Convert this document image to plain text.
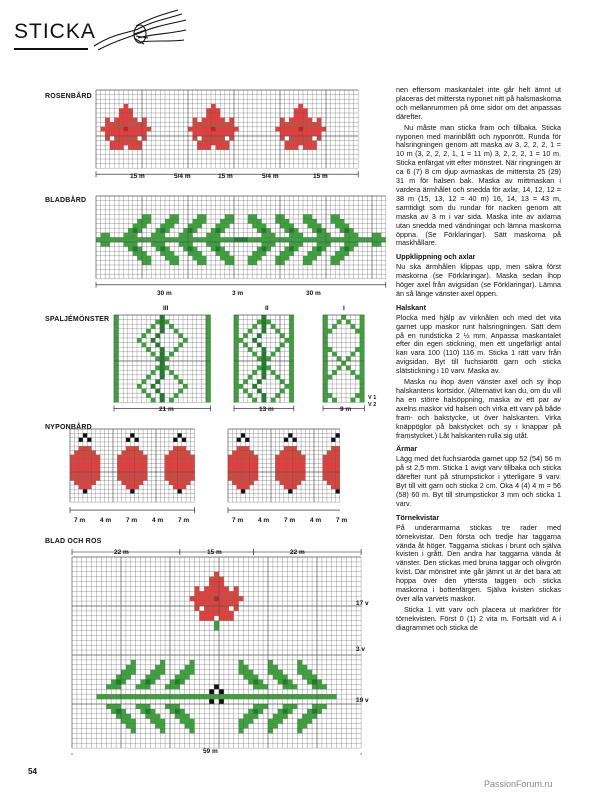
STICKA
ROSENBÅRD
BLADBÅRD
SPALJÉMÖNSTER
NYPONBÅRD
BLAD OCH ROS
15 m	5/4 m	15 m	5/4 m	15 m
30 m	3 m	30 m
III	II	I
21 m	13 m	9 m
V 1
V 2
7 m 4 m 7 m 4 m 7 m	7 m 4 m 7 m 4 m 7 m
22 m	15 m	22 m
59 m
17 v
3 v
19 v

nen eftersom maskantalet inte går helt ämnt ut placeras det mittersta nyponet nitt på halsmaskorna och mellanrummen på öme sidor om det anpassas därefter.

Nu måste man sticka fram och tillbaka. Sticka nyponen med marinblått och nyponrött. Runda för halsringningen genom att maska av 3, 2, 2, 2, 1 = 10 m (3, 2, 2, 2, 1, 1 = 11 m) 3, 2, 2, 2, 1 = 10 m. Sticka enfärgat vitt efter mönstret. När ringningen är ca 6 (7) 8 cm djup avmaskas de mittersta 25 (29) 31 m för halsen bak. Maska av mittmaskan i vardera ärmhålet och snedda för axlar, 14, 12, 12 = 38 m (15, 13, 12 = 40 m) 16, 14, 13 = 43 m, samtidigt som du rundar för nacken genom att maska av 3 m i var sida. Maska inte av axlarna utan snedda med vändningar och lämna maskorna öppna. (Se Förklaringar). Sätt maskorna på maskhållare.

Uppklippning och axlar

Nu ska ärmhålen klippas upp, men säkra först maskorna (se Förklaringar). Maska sedan ihop höger axel från avigsidan (se Förklaringar). Lämna än så länge vänster axel öppen.

Halskant

Plocka med hjälp av virknålen och med det vita garnet upp maskor runt halsringningen. Sätt dem på en rundsticka 2 ½ mm. Anpassa maskantalet efter din egen stickning, men ett ungefärligt antal kan vara 100 (110) 116 m. Sticka 1 rätt varv från avigsidan. Byt till fuchsiarött garn och sticka slätstickning i 10 varv. Maska av.

Maska nu ihop även vänster axel och sy ihop halskantens kortsidor. (Alternativt kan du, om du vill ha en större halsöppning, maska av ett par av axelns maskor vid halsen och virka ett varv på både fram- och bakstycke, ut över halskanten. Virka knäppöglor på bakstycket och sy i knappar på framstycket.) Låt halskanten rulla sig utåt.

Ärmar

Lägg med det fuchsiaröda garnet upp 52 (54) 56 m på st 2,5 mm. Sticka 1 avigt varv tillbaka och sticka därefter runt på strumpstickor i ytterligare 9 varv. Byt till vitt garn och sticka 2 cm. Öka 4 (4) 4 m = 56 (58) 60 m. Byt till strumpstickor 3 mm och sticka 1 varv.

Törnekvistar

På underarmarna stickas tre rader med törnekvistar. Den första och tredje har taggarna vända åt höger. Taggarna stickas i brunt och själva kvisten i grått. Den andra har taggarna vända åt vänster. Den stickas med bruna taggar och olivgrön kvist. Där mönstret inte går jämnt ut är det bara att hoppa över den yttersta taggen och sticka maskorna i bottenfärgen. Själva kvisten stickas över alla varvets maskor.

Sticka 1 vitt varv och placera ut markörer för törnekvisten. Först 0 (1) 2 vita m. Fortsätt vid A i diagrammet och sticka de

54
PassionForum.ru
